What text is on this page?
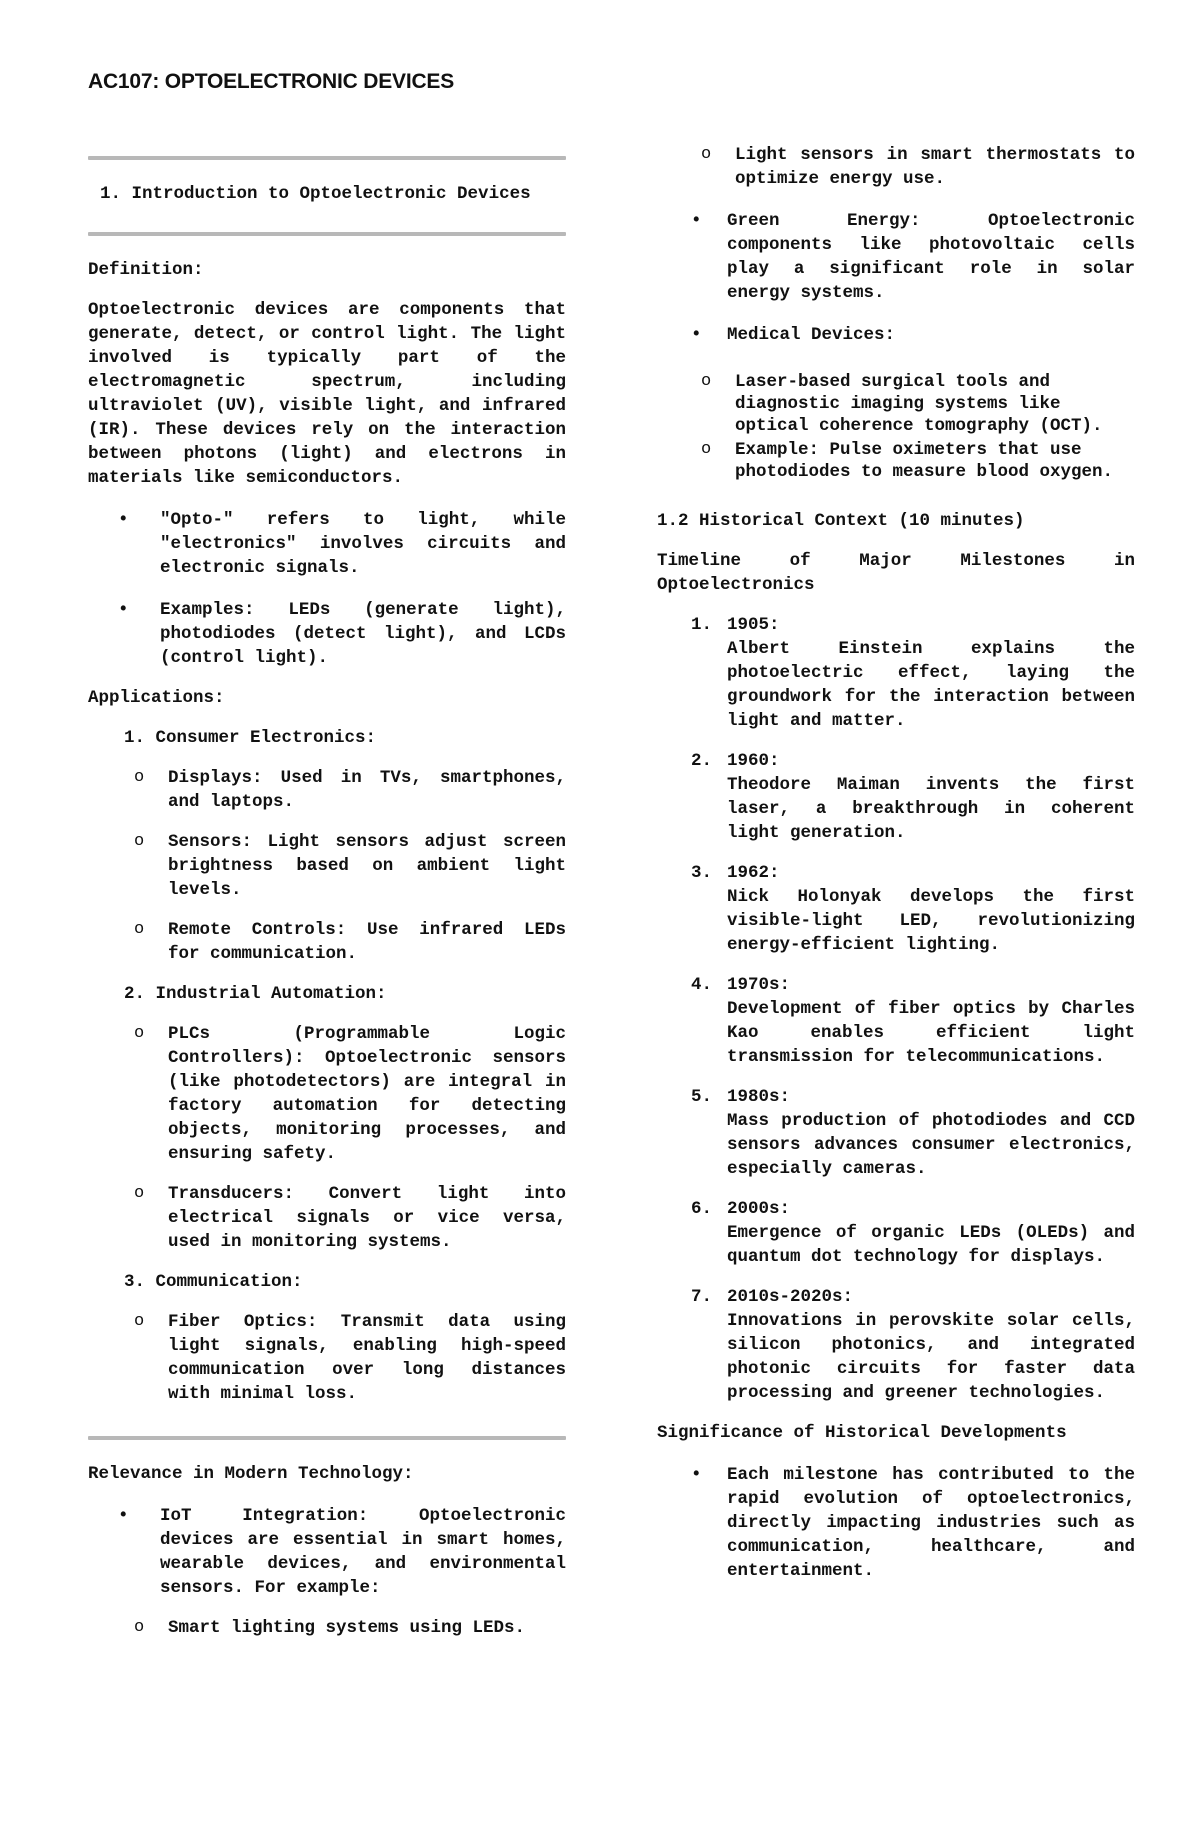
AC107: OPTOELECTRONIC DEVICES

1. Introduction to Optoelectronic Devices

Definition:

Optoelectronic devices are components that generate, detect, or control light. The light involved is typically part of the electromagnetic spectrum, including ultraviolet (UV), visible light, and infrared (IR). These devices rely on the interaction between photons (light) and electrons in materials like semiconductors.

• "Opto-" refers to light, while "electronics" involves circuits and electronic signals.

• Examples: LEDs (generate light), photodiodes (detect light), and LCDs (control light).

Applications:

1. Consumer Electronics:

o Displays: Used in TVs, smartphones, and laptops.

o Sensors: Light sensors adjust screen brightness based on ambient light levels.

o Remote Controls: Use infrared LEDs for communication.

2. Industrial Automation:

o PLCs (Programmable Logic Controllers): Optoelectronic sensors (like photodetectors) are integral in factory automation for detecting objects, monitoring processes, and ensuring safety.

o Transducers: Convert light into electrical signals or vice versa, used in monitoring systems.

3. Communication:

o Fiber Optics: Transmit data using light signals, enabling high-speed communication over long distances with minimal loss.

Relevance in Modern Technology:

• IoT Integration: Optoelectronic devices are essential in smart homes, wearable devices, and environmental sensors. For example:

o Smart lighting systems using LEDs.

o Light sensors in smart thermostats to optimize energy use.

• Green Energy: Optoelectronic components like photovoltaic cells play a significant role in solar energy systems.

• Medical Devices:

o Laser-based surgical tools and diagnostic imaging systems like optical coherence tomography (OCT).

o Example: Pulse oximeters that use photodiodes to measure blood oxygen.

1.2 Historical Context (10 minutes)

Timeline of Major Milestones in Optoelectronics

1. 1905:

Albert Einstein explains the photoelectric effect, laying the groundwork for the interaction between light and matter.

2. 1960:

Theodore Maiman invents the first laser, a breakthrough in coherent light generation.

3. 1962:

Nick Holonyak develops the first visible-light LED, revolutionizing energy-efficient lighting.

4. 1970s:

Development of fiber optics by Charles Kao enables efficient light transmission for telecommunications.

5. 1980s:

Mass production of photodiodes and CCD sensors advances consumer electronics, especially cameras.

6. 2000s:

Emergence of organic LEDs (OLEDs) and quantum dot technology for displays.

7. 2010s-2020s:

Innovations in perovskite solar cells, silicon photonics, and integrated photonic circuits for faster data processing and greener technologies.

Significance of Historical Developments

• Each milestone has contributed to the rapid evolution of optoelectronics, directly impacting industries such as communication, healthcare, and entertainment.
